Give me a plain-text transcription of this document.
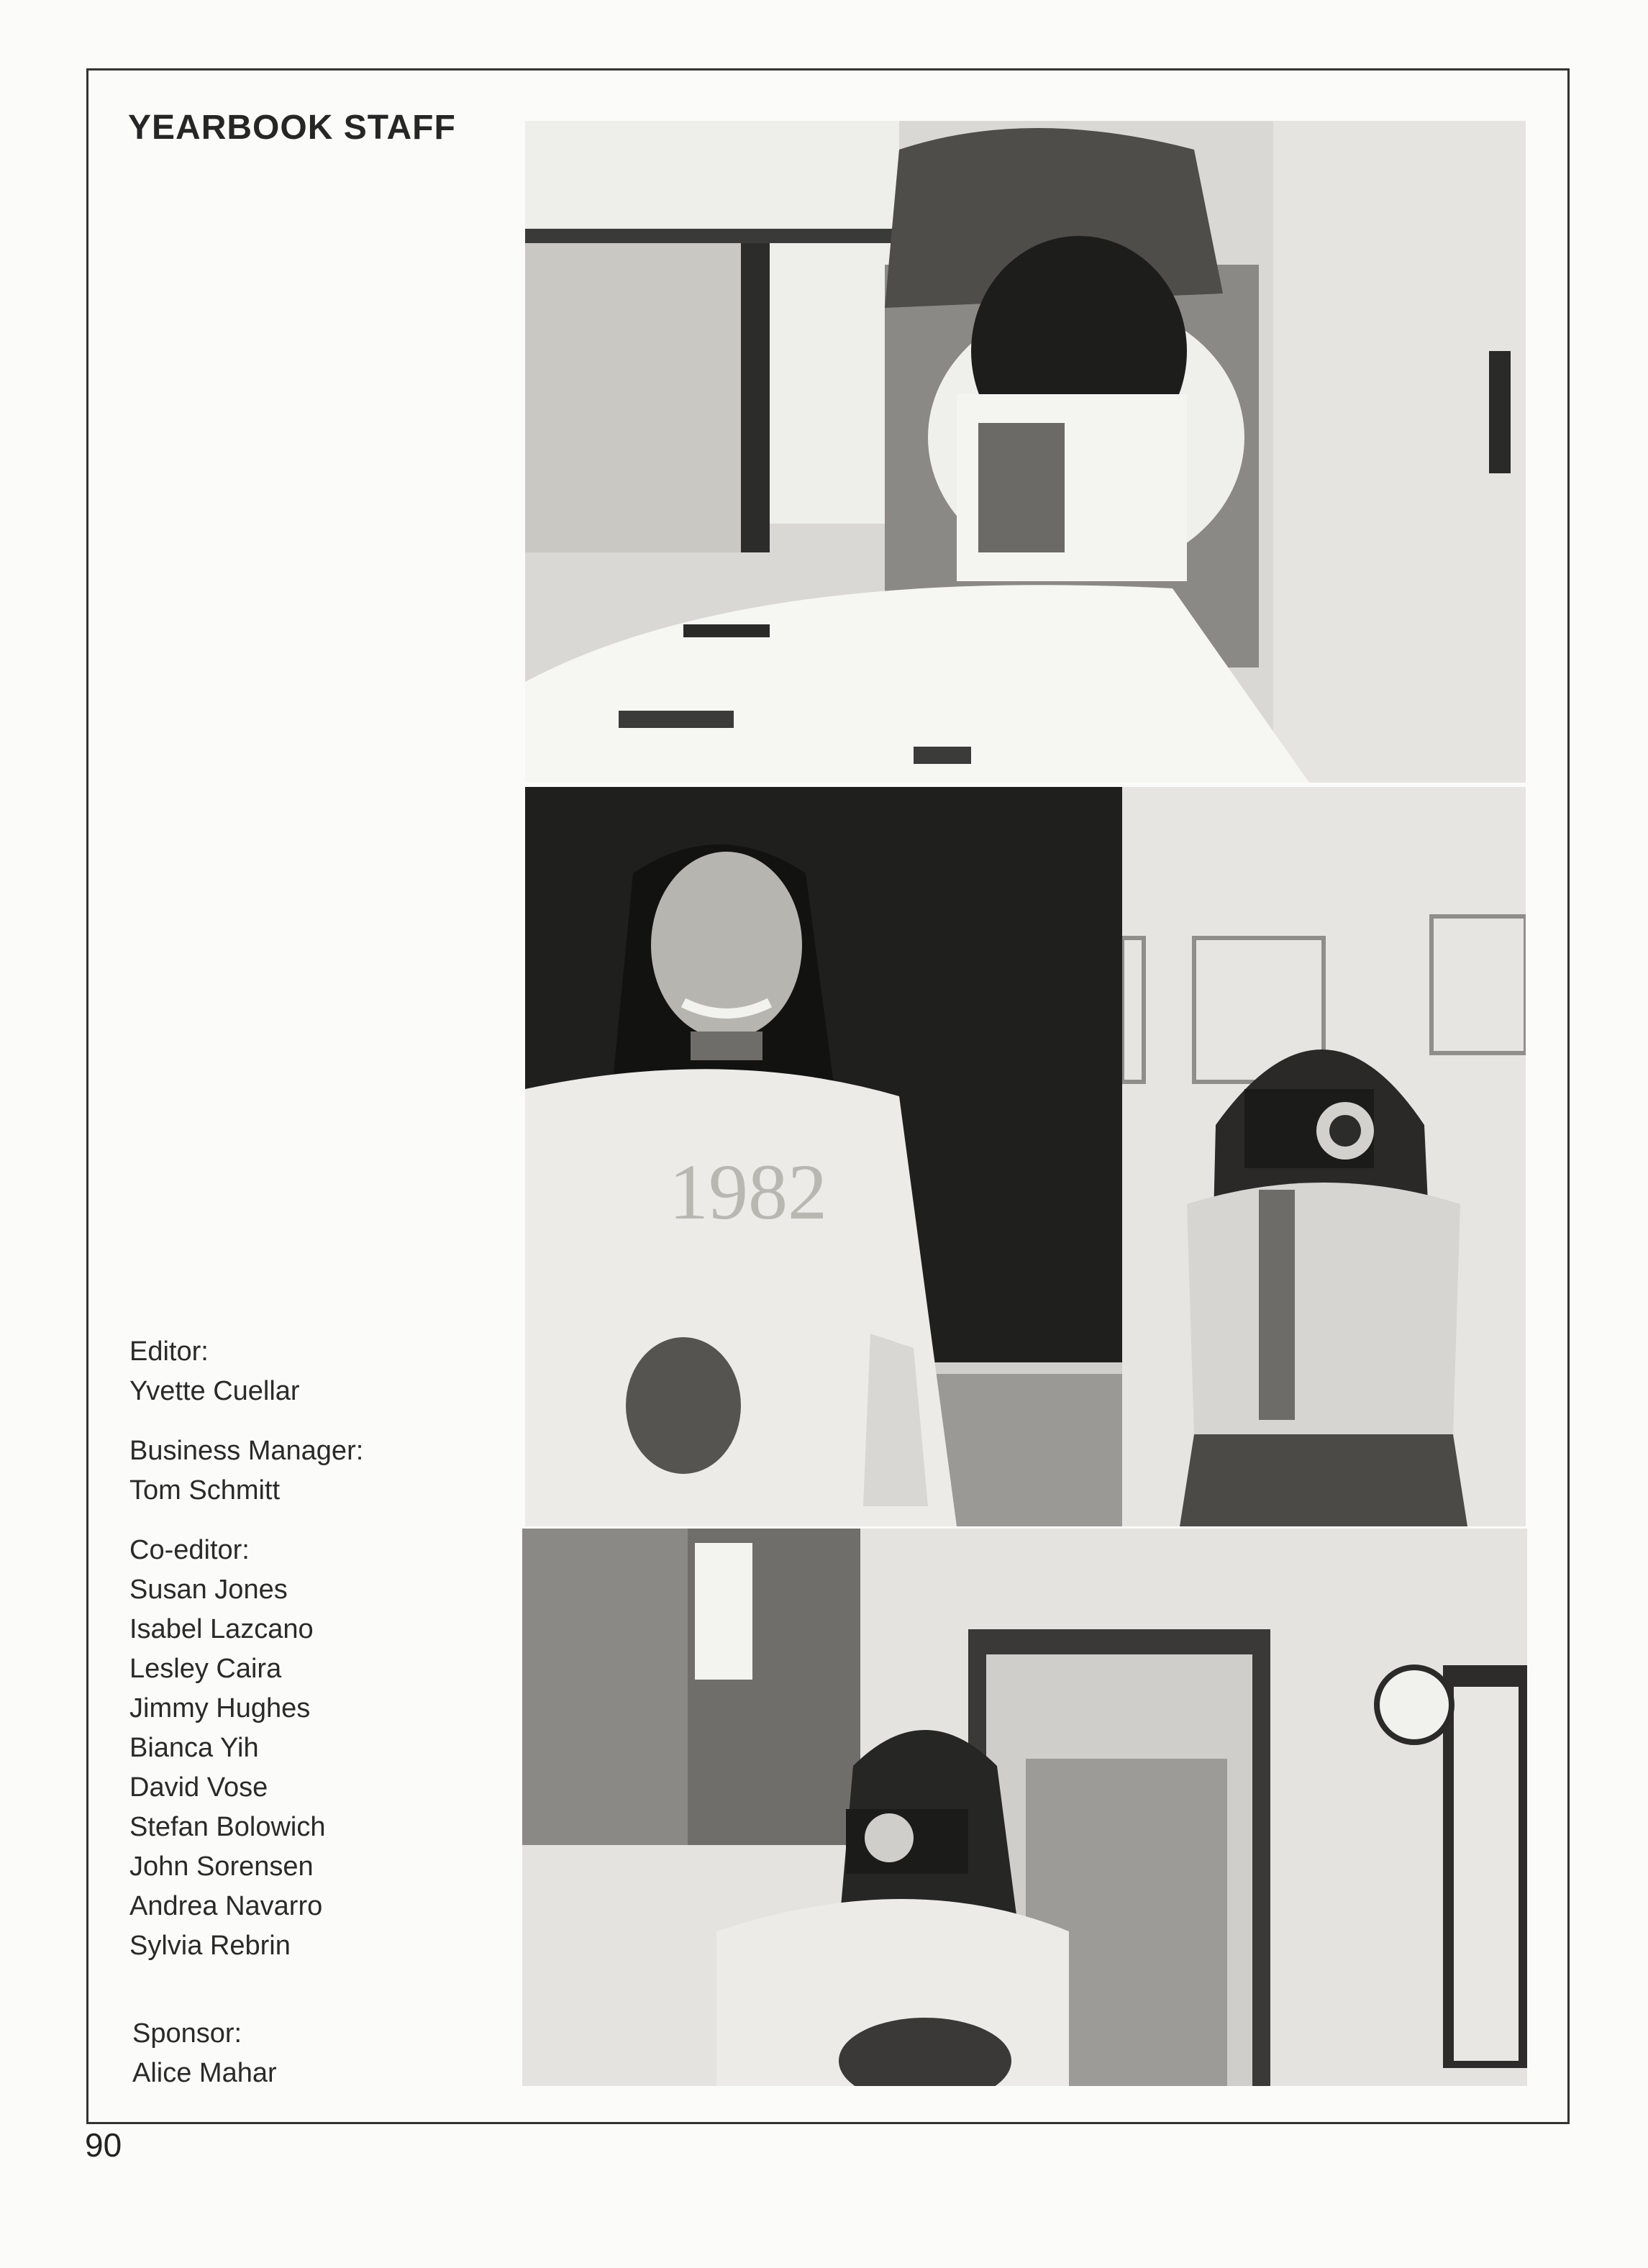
YEARBOOK STAFF
1982
Editor:
Yvette Cuellar
Business Manager:
Tom Schmitt
Co-editor:
Susan Jones
Isabel Lazcano
Lesley Caira
Jimmy Hughes
Bianca Yih
David Vose
Stefan Bolowich
John Sorensen
Andrea Navarro
Sylvia Rebrin
Sponsor:
Alice Mahar
90
